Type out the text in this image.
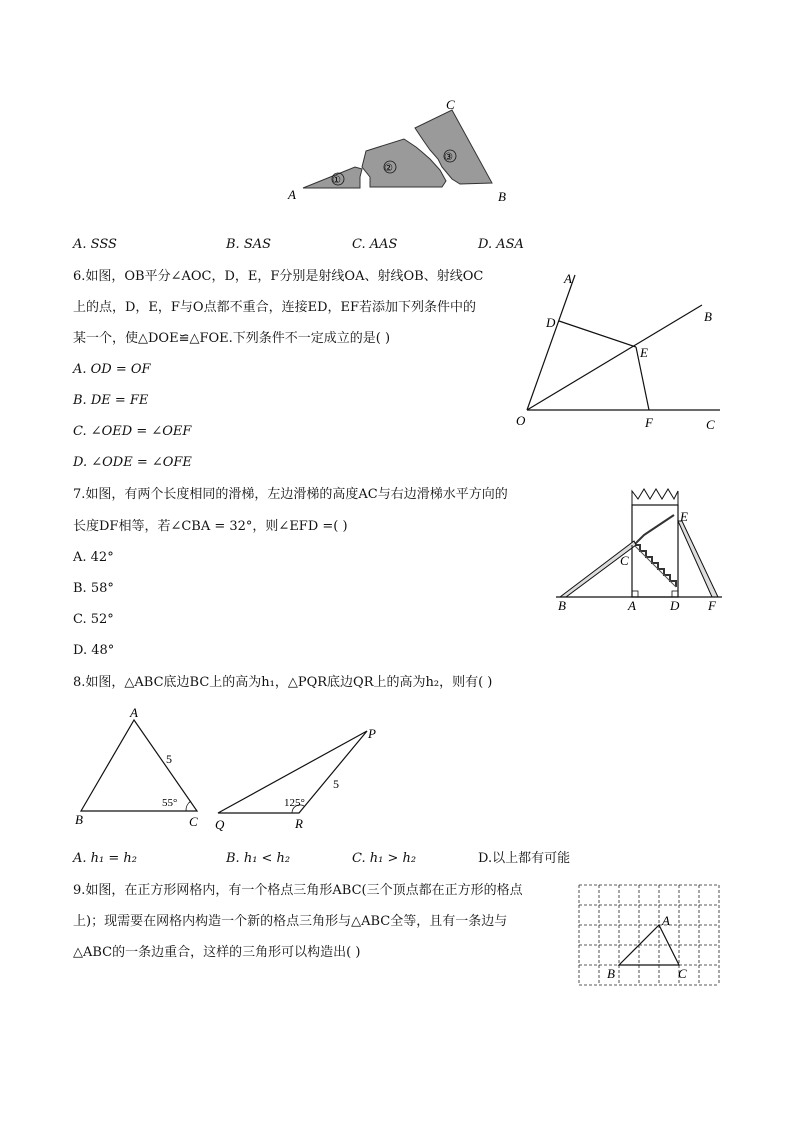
①
②
③
A	B
C
A. SSS	B. SAS	C. AAS	D. ASA
6.如图，OB平分∠AOC，D，E，F分别是射线OA、射线OB、射线OC
上的点，D，E，F与O点都不重合，连接ED，EF若添加下列条件中的
某一个，使△DOE≌△FOE.下列条件不一定成立的是( )
A. OD = OF
B. DE = FE
C. ∠OED = ∠OEF
D. ∠ODE = ∠OFE
A
B
C
D
E
F
O
7.如图，有两个长度相同的滑梯，左边滑梯的高度AC与右边滑梯水平方向的
长度DF相等，若∠CBA = 32°，则∠EFD =( )
A. 42°
B. 58°
C. 52°
D. 48°
B	A
C
D
E
F
8.如图，△ABC底边BC上的高为h₁，△PQR底边QR上的高为h₂，则有( )
A
B	C
5
55°
P
Q	R
5
125°
A. h₁ = h₂	B. h₁ < h₂	C. h₁ > h₂	D.以上都有可能
9.如图，在正方形网格内，有一个格点三角形ABC(三个顶点都在正方形的格点
上)；现需要在网格内构造一个新的格点三角形与△ABC全等，且有一条边与
△ABC的一条边重合，这样的三角形可以构造出( )
A
B	C
